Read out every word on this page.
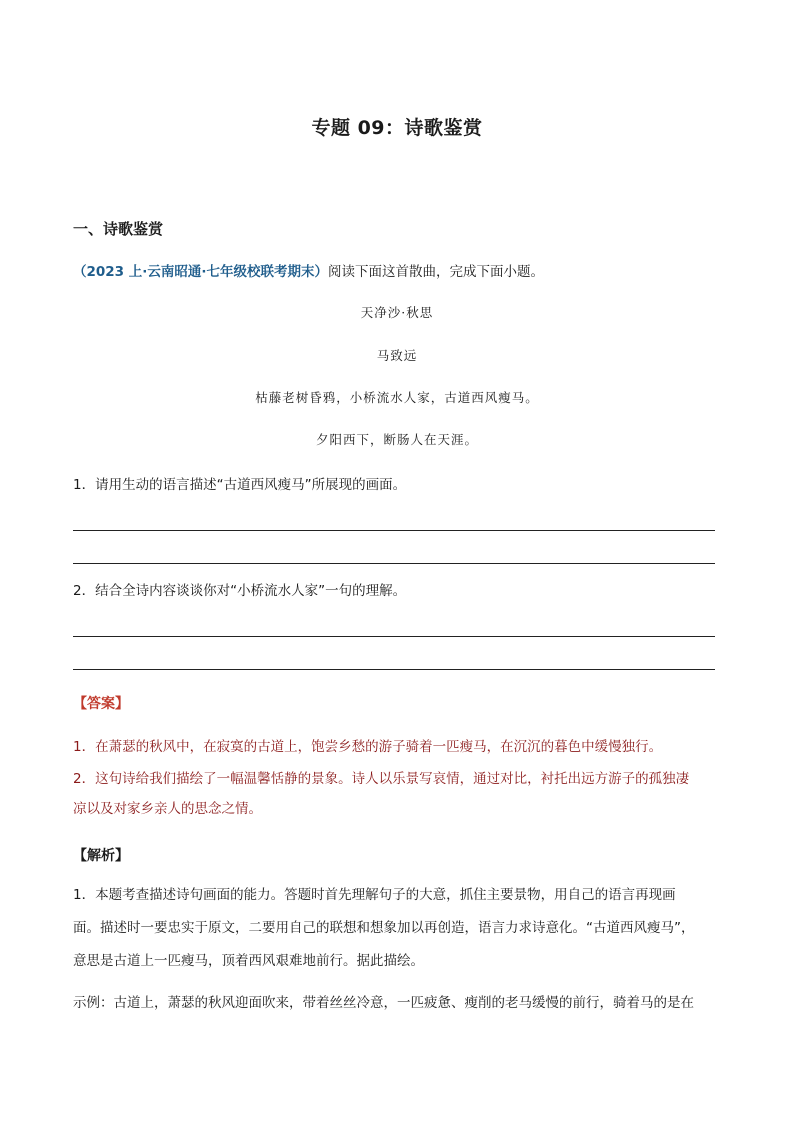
专题 09：诗歌鉴赏
一、诗歌鉴赏
（2023 上·云南昭通·七年级校联考期末）阅读下面这首散曲，完成下面小题。
天净沙·秋思
马致远
枯藤老树昏鸦，小桥流水人家，古道西风瘦马。
夕阳西下，断肠人在天涯。
1．请用生动的语言描述“古道西风瘦马”所展现的画面。
2．结合全诗内容谈谈你对“小桥流水人家”一句的理解。
【答案】
1．在萧瑟的秋风中，在寂寞的古道上，饱尝乡愁的游子骑着一匹瘦马，在沉沉的暮色中缓慢独行。
2．这句诗给我们描绘了一幅温馨恬静的景象。诗人以乐景写哀情，通过对比，衬托出远方游子的孤独凄
凉以及对家乡亲人的思念之情。
【解析】
1．本题考查描述诗句画面的能力。答题时首先理解句子的大意，抓住主要景物，用自己的语言再现画
面。描述时一要忠实于原文，二要用自己的联想和想象加以再创造，语言力求诗意化。“古道西风瘦马”，
意思是古道上一匹瘦马，顶着西风艰难地前行。据此描绘。
示例：古道上，萧瑟的秋风迎面吹来，带着丝丝冷意，一匹疲惫、瘦削的老马缓慢的前行，骑着马的是在
